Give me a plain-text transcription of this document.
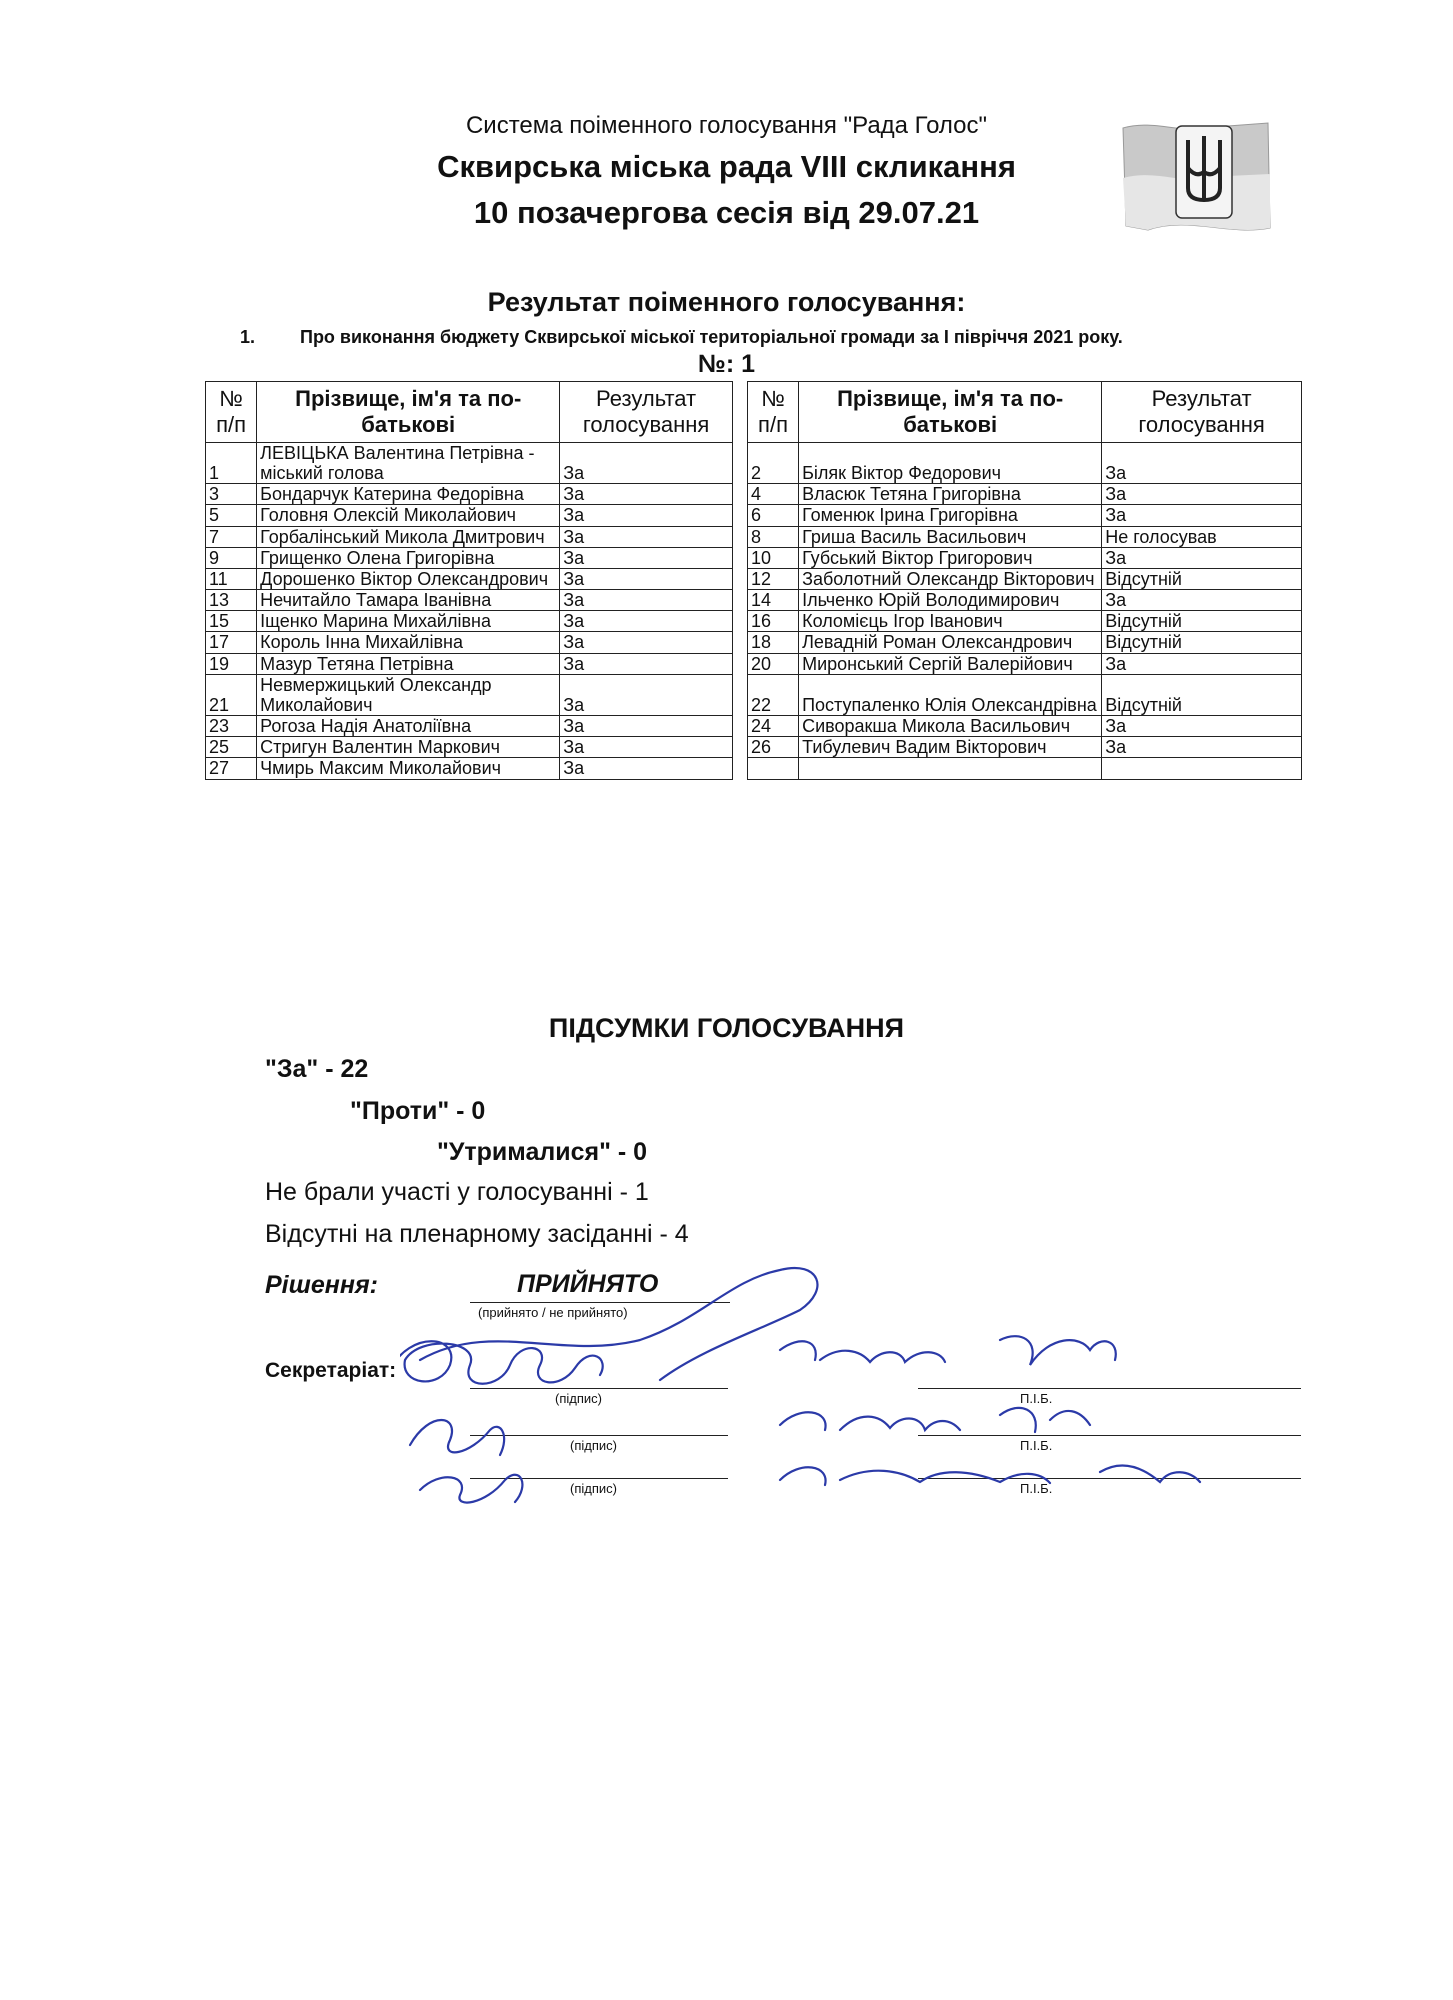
Система поіменного голосування "Рада Голос"
Сквирська міська рада VIII скликання
10 позачергова сесія від 29.07.21
Результат поіменного голосування:
1. Про виконання бюджету Сквирської міської територіальної громади за І півріччя 2021 року.
№: 1
№ п/п	Прізвище, ім'я та по-батькові	Результат голосування		№ п/п	Прізвище, ім'я та по-батькові	Результат голосування
1	ЛЕВІЦЬКА Валентина Петрівна - міський голова	За		2	Біляк Віктор Федорович	За
3	Бондарчук Катерина Федорівна	За		4	Власюк Тетяна Григорівна	За
5	Головня Олексій Миколайович	За		6	Гоменюк Ірина Григорівна	За
7	Горбалінський Микола Дмитрович	За		8	Гриша Василь Васильович	Не голосував
9	Грищенко Олена Григорівна	За		10	Губський Віктор Григорович	За
11	Дорошенко Віктор Олександрович	За		12	Заболотний Олександр Вікторович	Відсутній
13	Нечитайло Тамара Іванівна	За		14	Ільченко Юрій Володимирович	За
15	Іщенко Марина Михайлівна	За		16	Коломієць Ігор Іванович	Відсутній
17	Король Інна Михайлівна	За		18	Левадній Роман Олександрович	Відсутній
19	Мазур Тетяна Петрівна	За		20	Миронський Сергій Валерійович	За
21	Невмержицький Олександр Миколайович	За		22	Поступаленко Юлія Олександрівна	Відсутній
23	Рогоза Надія Анатоліївна	За		24	Сиворакша Микола Васильович	За
25	Стригун Валентин Маркович	За		26	Тибулевич Вадим Вікторович	За
27	Чмирь Максим Миколайович	За				
ПІДСУМКИ ГОЛОСУВАННЯ
"За" - 22
"Проти" - 0
"Утрималися" - 0
Не брали участі у голосуванні - 1
Відсутні на пленарному засіданні - 4
Рішення:	ПРИЙНЯТО
(прийнято / не прийнято)
Секретаріат:
(підпис)	П.І.Б.
(підпис)	П.І.Б.
(підпис)	П.І.Б.
